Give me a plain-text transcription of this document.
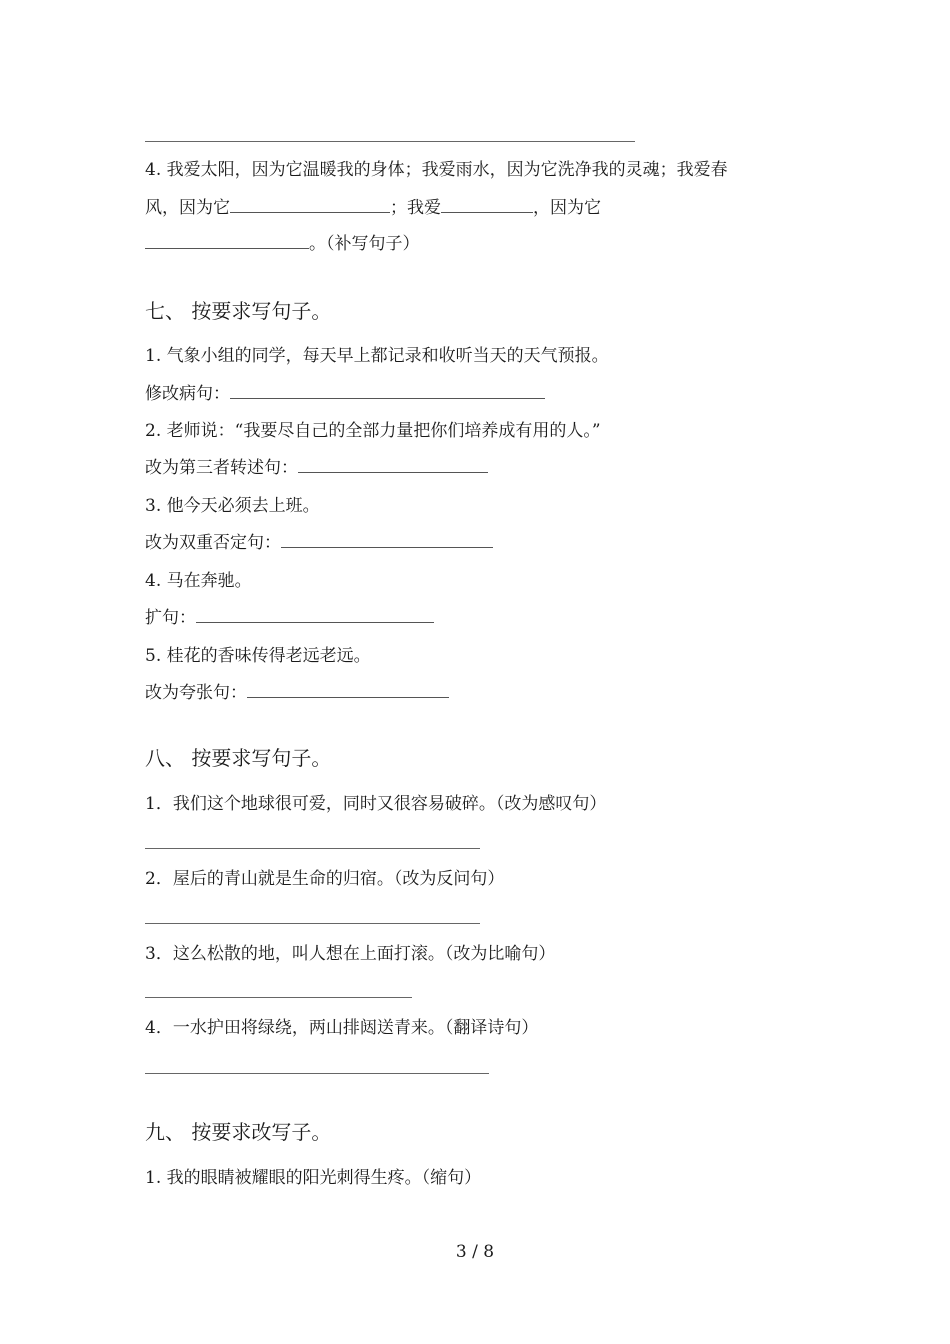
4. 我爱太阳，因为它温暖我的身体；我爱雨水，因为它洗净我的灵魂；我爱春
风，因为它	；我爱	，因为它
。（补写句子）
七、 按要求写句子。
1. 气象小组的同学，每天早上都记录和收听当天的天气预报。
修改病句：
2. 老师说：“我要尽自己的全部力量把你们培养成有用的人。”
改为第三者转述句：
3. 他今天必须去上班。
改为双重否定句：
4. 马在奔驰。
扩句：
5. 桂花的香味传得老远老远。
改为夸张句：
八、 按要求写句子。
1．我们这个地球很可爱，同时又很容易破碎。（改为感叹句）
2．屋后的青山就是生命的归宿。（改为反问句）
3．这么松散的地，叫人想在上面打滚。（改为比喻句）
4．一水护田将绿绕，两山排闼送青来。（翻译诗句）
九、 按要求改写子。
1. 我的眼睛被耀眼的阳光刺得生疼。（缩句）
3 / 8
